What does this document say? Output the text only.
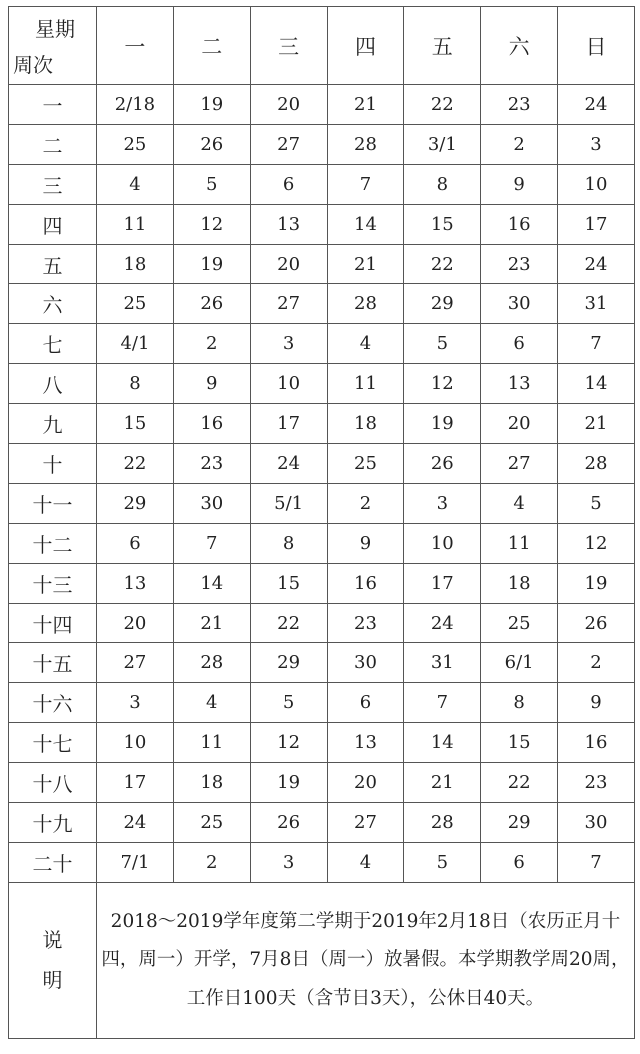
星期
周次	一	二	三	四	五	六	日
一	2/18	19	20	21	22	23	24
二	25	26	27	28	3/1	2	3
三	4	5	6	7	8	9	10
四	11	12	13	14	15	16	17
五	18	19	20	21	22	23	24
六	25	26	27	28	29	30	31
七	4/1	2	3	4	5	6	7
八	8	9	10	11	12	13	14
九	15	16	17	18	19	20	21
十	22	23	24	25	26	27	28
十一	29	30	5/1	2	3	4	5
十二	6	7	8	9	10	11	12
十三	13	14	15	16	17	18	19
十四	20	21	22	23	24	25	26
十五	27	28	29	30	31	6/1	2
十六	3	4	5	6	7	8	9
十七	10	11	12	13	14	15	16
十八	17	18	19	20	21	22	23
十九	24	25	26	27	28	29	30
二十	7/1	2	3	4	5	6	7

说
明	2018～2019学年度第二学期于2019年2月18日（农历正月十四，周一）开学，7月8日（周一）放暑假。本学期教学周20周，工作日100天（含节日3天），公休日40天。						
